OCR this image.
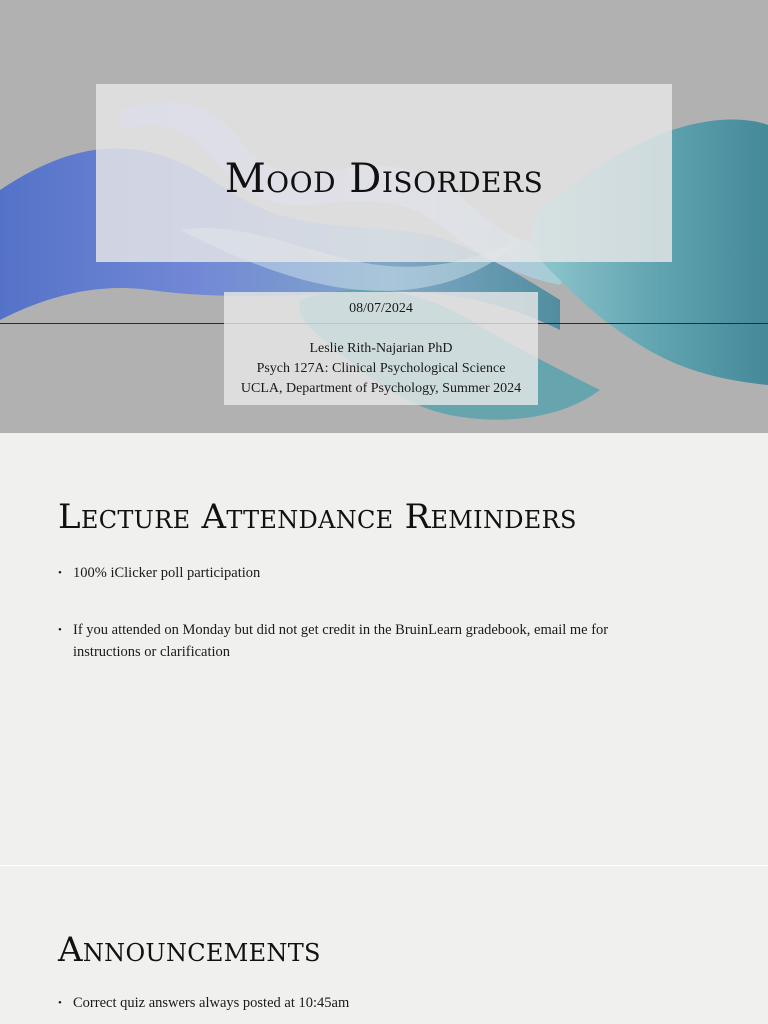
Mood Disorders
08/07/2024
Leslie Rith-Najarian PhD
Psych 127A: Clinical Psychological Science
UCLA, Department of Psychology, Summer 2024
Lecture Attendance Reminders
• 100% iClicker poll participation
• If you attended on Monday but did not get credit in the BruinLearn gradebook, email me for instructions or clarification
Announcements
• Correct quiz answers always posted at 10:45am
